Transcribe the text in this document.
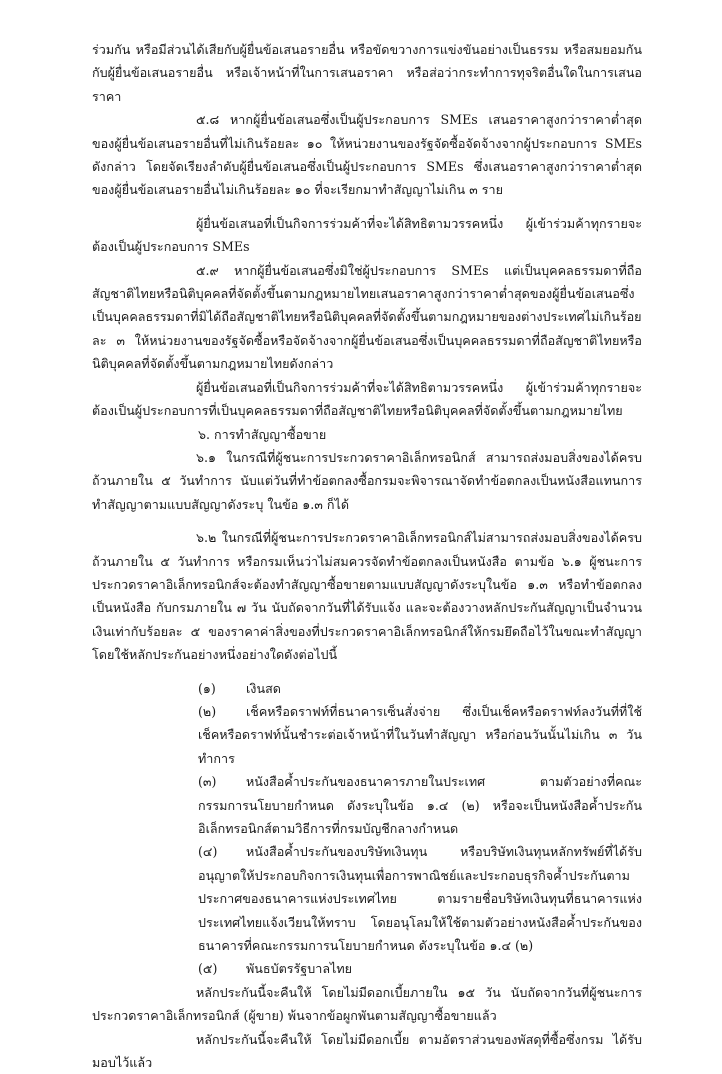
ร่วมกัน หรือมีส่วนได้เสียกับผู้ยื่นข้อเสนอรายอื่น หรือขัดขวางการแข่งขันอย่างเป็นธรรม หรือสมยอมกันกับผู้ยื่นข้อเสนอรายอื่น หรือเจ้าหน้าที่ในการเสนอราคา หรือส่อว่ากระทำการทุจริตอื่นใดในการเสนอราคา

๕.๘ หากผู้ยื่นข้อเสนอซึ่งเป็นผู้ประกอบการ SMEs เสนอราคาสูงกว่าราคาต่ำสุดของผู้ยื่นข้อเสนอรายอื่นที่ไม่เกินร้อยละ ๑๐ ให้หน่วยงานของรัฐจัดซื้อจัดจ้างจากผู้ประกอบการ SMEs ดังกล่าว โดยจัดเรียงลำดับผู้ยื่นข้อเสนอซึ่งเป็นผู้ประกอบการ SMEs ซึ่งเสนอราคาสูงกว่าราคาต่ำสุดของผู้ยื่นข้อเสนอรายอื่นไม่เกินร้อยละ ๑๐ ที่จะเรียกมาทำสัญญาไม่เกิน ๓ ราย

ผู้ยื่นข้อเสนอที่เป็นกิจการร่วมค้าที่จะได้สิทธิตามวรรคหนึ่ง ผู้เข้าร่วมค้าทุกรายจะต้องเป็นผู้ประกอบการ SMEs

๕.๙ หากผู้ยื่นข้อเสนอซึ่งมิใช่ผู้ประกอบการ SMEs แต่เป็นบุคคลธรรมดาที่ถือสัญชาติไทยหรือนิติบุคคลที่จัดตั้งขึ้นตามกฎหมายไทยเสนอราคาสูงกว่าราคาต่ำสุดของผู้ยื่นข้อเสนอซึ่งเป็นบุคคลธรรมดาที่มิได้ถือสัญชาติไทยหรือนิติบุคคลที่จัดตั้งขึ้นตามกฎหมายของต่างประเทศไม่เกินร้อยละ ๓ ให้หน่วยงานของรัฐจัดซื้อหรือจัดจ้างจากผู้ยื่นข้อเสนอซึ่งเป็นบุคคลธรรมดาที่ถือสัญชาติไทยหรือนิติบุคคลที่จัดตั้งขึ้นตามกฎหมายไทยดังกล่าว

ผู้ยื่นข้อเสนอที่เป็นกิจการร่วมค้าที่จะได้สิทธิตามวรรคหนึ่ง ผู้เข้าร่วมค้าทุกรายจะต้องเป็นผู้ประกอบการที่เป็นบุคคลธรรมดาที่ถือสัญชาติไทยหรือนิติบุคคลที่จัดตั้งขึ้นตามกฎหมายไทย

๖. การทำสัญญาซื้อขาย

๖.๑ ในกรณีที่ผู้ชนะการประกวดราคาอิเล็กทรอนิกส์ สามารถส่งมอบสิ่งของได้ครบถ้วนภายใน ๕ วันทำการ นับแต่วันที่ทำข้อตกลงซื้อกรมจะพิจารณาจัดทำข้อตกลงเป็นหนังสือแทนการทำสัญญาตามแบบสัญญาดังระบุ ในข้อ ๑.๓ ก็ได้

๖.๒ ในกรณีที่ผู้ชนะการประกวดราคาอิเล็กทรอนิกส์ไม่สามารถส่งมอบสิ่งของได้ครบถ้วนภายใน ๕ วันทำการ หรือกรมเห็นว่าไม่สมควรจัดทำข้อตกลงเป็นหนังสือ ตามข้อ ๖.๑ ผู้ชนะการประกวดราคาอิเล็กทรอนิกส์จะต้องทำสัญญาซื้อขายตามแบบสัญญาดังระบุในข้อ ๑.๓ หรือทำข้อตกลงเป็นหนังสือ กับกรมภายใน ๗ วัน นับถัดจากวันที่ได้รับแจ้ง และจะต้องวางหลักประกันสัญญาเป็นจำนวนเงินเท่ากับร้อยละ ๕ ของราคาค่าสิ่งของที่ประกวดราคาอิเล็กทรอนิกส์ให้กรมยึดถือไว้ในขณะทำสัญญา โดยใช้หลักประกันอย่างหนึ่งอย่างใดดังต่อไปนี้

(๑) เงินสด

(๒) เช็คหรือดราฟท์ที่ธนาคารเซ็นสั่งจ่าย ซึ่งเป็นเช็คหรือดราฟท์ลงวันที่ที่ใช้เช็คหรือดราฟท์นั้นชำระต่อเจ้าหน้าที่ในวันทำสัญญา หรือก่อนวันนั้นไม่เกิน ๓ วันทำการ

(๓) หนังสือค้ำประกันของธนาคารภายในประเทศ ตามตัวอย่างที่คณะกรรมการนโยบายกำหนด ดังระบุในข้อ ๑.๔ (๒) หรือจะเป็นหนังสือค้ำประกันอิเล็กทรอนิกส์ตามวิธีการที่กรมบัญชีกลางกำหนด

(๔) หนังสือค้ำประกันของบริษัทเงินทุน หรือบริษัทเงินทุนหลักทรัพย์ที่ได้รับอนุญาตให้ประกอบกิจการเงินทุนเพื่อการพาณิชย์และประกอบธุรกิจค้ำประกันตามประกาศของธนาคารแห่งประเทศไทย ตามรายชื่อบริษัทเงินทุนที่ธนาคารแห่งประเทศไทยแจ้งเวียนให้ทราบ โดยอนุโลมให้ใช้ตามตัวอย่างหนังสือค้ำประกันของธนาคารที่คณะกรรมการนโยบายกำหนด ดังระบุในข้อ ๑.๔ (๒)

(๕) พันธบัตรรัฐบาลไทย

หลักประกันนี้จะคืนให้ โดยไม่มีดอกเบี้ยภายใน ๑๕ วัน นับถัดจากวันที่ผู้ชนะการประกวดราคาอิเล็กทรอนิกส์ (ผู้ขาย) พ้นจากข้อผูกพันตามสัญญาซื้อขายแล้ว

หลักประกันนี้จะคืนให้ โดยไม่มีดอกเบี้ย ตามอัตราส่วนของพัสดุที่ซื้อซึ่งกรม ได้รับมอบไว้แล้ว
